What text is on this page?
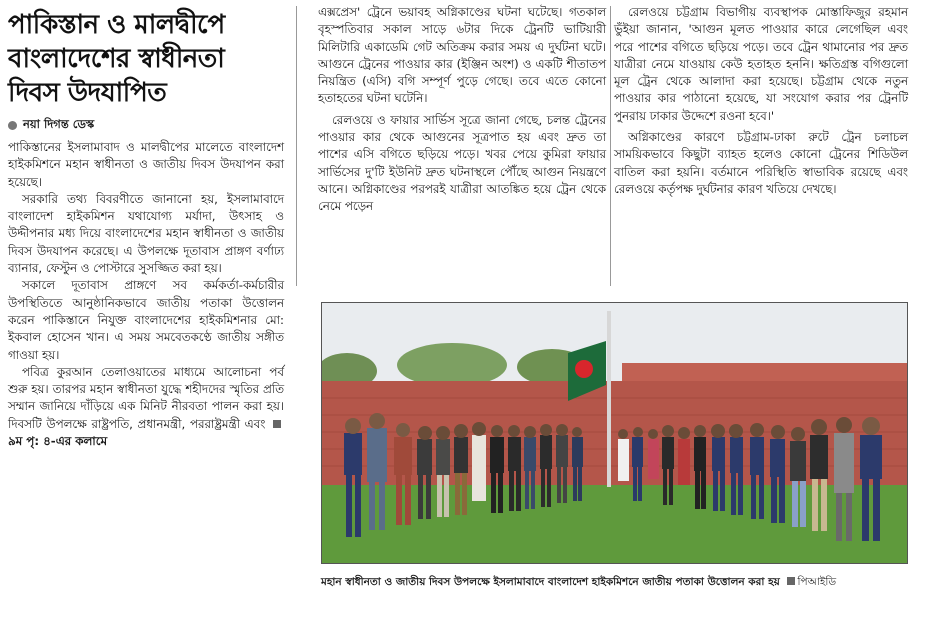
পাকিস্তান ও মালদ্বীপে বাংলাদেশের স্বাধীনতা দিবস উদযাপিত
নয়া দিগন্ত ডেস্ক

পাকিস্তানের ইসলামাবাদ ও মালদ্বীপের মালেতে বাংলাদেশ হাইকমিশনে মহান স্বাধীনতা ও জাতীয় দিবস উদযাপন করা হয়েছে।

সরকারি তথ্য বিবরণীতে জানানো হয়, ইসলামাবাদে বাংলাদেশ হাইকমিশন যথাযোগ্য মর্যাদা, উৎসাহ ও উদ্দীপনার মধ্য দিয়ে বাংলাদেশের মহান স্বাধীনতা ও জাতীয় দিবস উদযাপন করেছে। এ উপলক্ষে দূতাবাস প্রাঙ্গণ বর্ণাঢ্য ব্যানার, ফেস্টুন ও পোস্টারে সুসজ্জিত করা হয়।

সকালে দূতাবাস প্রাঙ্গণে সব কর্মকর্তা-কর্মচারীর উপস্থিতিতে আনুষ্ঠানিকভাবে জাতীয় পতাকা উত্তোলন করেন পাকিস্তানে নিযুক্ত বাংলাদেশের হাইকমিশনার মো: ইকবাল হোসেন খান। এ সময় সমবেতকণ্ঠে জাতীয় সঙ্গীত গাওয়া হয়।

পবিত্র কুরআন তেলাওয়াতের মাধ্যমে আলোচনা পর্ব শুরু হয়। তারপর মহান স্বাধীনতা যুদ্ধে শহীদদের স্মৃতির প্রতি সম্মান জানিয়ে দাঁড়িয়ে এক মিনিট নীরবতা পালন করা হয়। দিবসটি উপলক্ষে রাষ্ট্রপতি, প্রধানমন্ত্রী, পররাষ্ট্রমন্ত্রী এবং ৯ম পৃ: ৪-এর কলামে

এক্সপ্রেস' ট্রেনে ভয়াবহ অগ্নিকাণ্ডের ঘটনা ঘটেছে। গতকাল বৃহস্পতিবার সকাল সাড়ে ৬টার দিকে ট্রেনটি ভাটিয়ারী মিলিটারি একাডেমি গেট অতিক্রম করার সময় এ দুর্ঘটনা ঘটে। আগুনে ট্রেনের পাওয়ার কার (ইঞ্জিন অংশ) ও একটি শীতাতপ নিয়ন্ত্রিত (এসি) বগি সম্পূর্ণ পুড়ে গেছে। তবে এতে কোনো হতাহতের ঘটনা ঘটেনি।

রেলওয়ে ও ফায়ার সার্ভিস সূত্রে জানা গেছে, চলন্ত ট্রেনের পাওয়ার কার থেকে আগুনের সূত্রপাত হয় এবং দ্রুত তা পাশের এসি বগিতে ছড়িয়ে পড়ে। খবর পেয়ে কুমিরা ফায়ার সার্ভিসের দু'টি ইউনিট দ্রুত ঘটনাস্থলে পৌঁছে আগুন নিয়ন্ত্রণে আনে। অগ্নিকাণ্ডের পরপরই যাত্রীরা আতঙ্কিত হয়ে ট্রেন থেকে নেমে পড়েন

রেলওয়ে চট্টগ্রাম বিভাগীয় ব্যবস্থাপক মোস্তাফিজুর রহমান ভুঁইয়া জানান, 'আগুন মূলত পাওয়ার কারে লেগেছিল এবং পরে পাশের বগিতে ছড়িয়ে পড়ে। তবে ট্রেন থামানোর পর দ্রুত যাত্রীরা নেমে যাওয়ায় কেউ হতাহত হননি। ক্ষতিগ্রস্ত বগিগুলো মূল ট্রেন থেকে আলাদা করা হয়েছে। চট্টগ্রাম থেকে নতুন পাওয়ার কার পাঠানো হয়েছে, যা সংযোগ করার পর ট্রেনটি পুনরায় ঢাকার উদ্দেশে রওনা হবে।'

অগ্নিকাণ্ডের কারণে চট্টগ্রাম-ঢাকা রুটে ট্রেন চলাচল সাময়িকভাবে কিছুটা ব্যাহত হলেও কোনো ট্রেনের শিডিউল বাতিল করা হয়নি। বর্তমানে পরিস্থিতি স্বাভাবিক রয়েছে এবং রেলওয়ে কর্তৃপক্ষ দুর্ঘটনার কারণ খতিয়ে দেখছে।

মহান স্বাধীনতা ও জাতীয় দিবস উপলক্ষে ইসলামাবাদে বাংলাদেশ হাইকমিশনে জাতীয় পতাকা উত্তোলন করা হয় পিআইডি
